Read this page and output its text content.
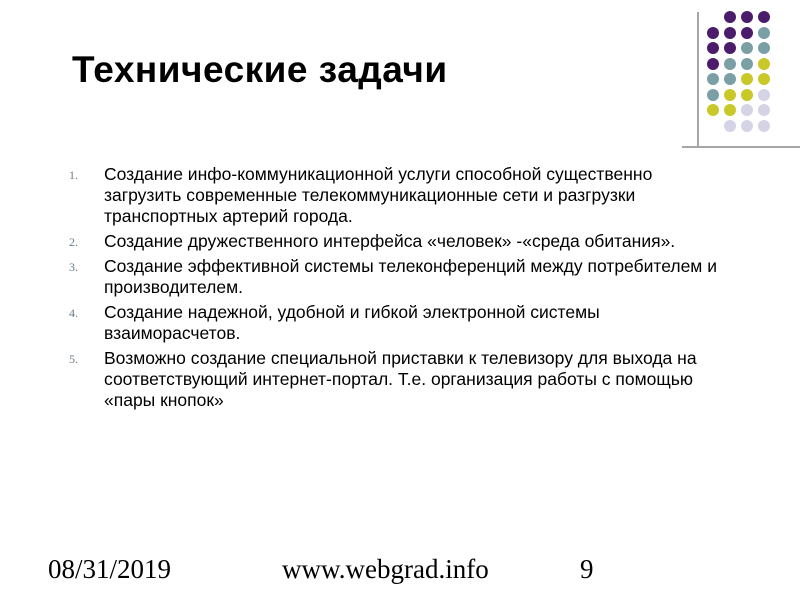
Технические задачи
1. Создание инфо-коммуникационной услуги способной существенно загрузить современные телекоммуникационные сети и разгрузки транспортных артерий города.
2. Создание дружественного интерфейса «человек» -«среда обитания».
3. Создание эффективной системы телеконференций между потребителем и производителем.
4. Создание надежной, удобной и гибкой электронной системы взаиморасчетов.
5. Возможно создание специальной приставки к телевизору для выхода на соответствующий интернет-портал. Т.е. организация работы с помощью «пары кнопок»
08/31/2019	www.webgrad.info	9
